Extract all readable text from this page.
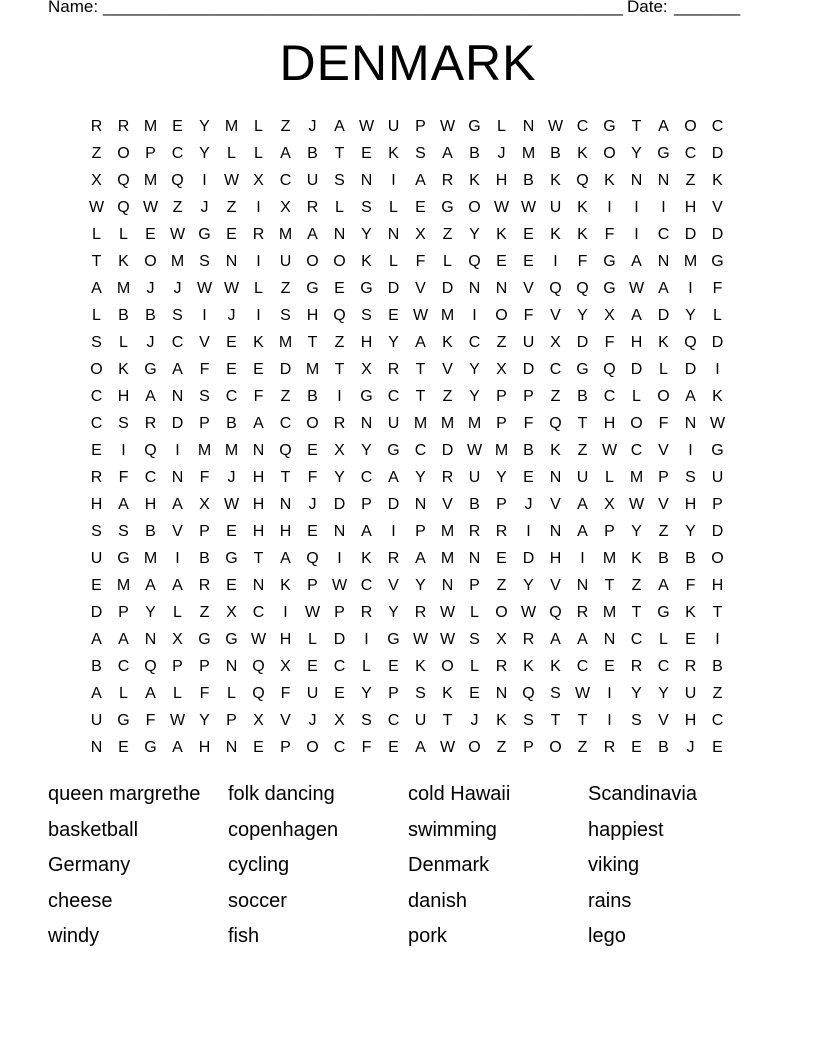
Name:

_______________________________________________________

Date:

_______

DENMARK
R R M E	Y M L	Z	J	A W U P W G	L	N W C G T	A O C
Z O P C Y	L	L	A	B	T	E	K	S	A	B	J	M B	K O Y G C D
X Q M Q	I	W X C U S N	I	A R K H B	K Q K N N	Z	K
W Q W Z	J	Z	I	X R	L	S	L	E G O W W U K	I	I	I	H V
L	L	E W G E R M A N Y N X	Z	Y	K	E	K	K	F	I	C D D
T	K O M S N	I	U O O K	L	F	L	Q E	E	I	F G A N M G
A M	J	J W W L	Z G E G D V D N N V Q Q G W A	I	F
L	B	B	S	I	J	I	S H Q S	E W M	I	O F	V	Y	X	A D Y	L
S	L	J	C V	E	K M T	Z	H Y	A	K C	Z	U X D	F	H K Q D
O K G A	F	E	E D M T	X R	T	V	Y	X D C G Q D	L	D	I
C H A N S C	F	Z	B	I	G C	T	Z	Y	P	P	Z	B C	L	O A	K
C S R D P	B	A C O R N U M M M P	F Q T	H O F	N W
E	I	Q	I	M M N Q E	X	Y G C D W M B	K	Z W C V	I	G
R	F	C N	F	J	H	T	F	Y C A	Y R U Y	E N U	L M P	S U
H A H A	X W H N	J	D P D N V	B	P	J	V	A	X W V H P
S	S	B	V	P	E H H E N A	I	P M R R	I	N A	P	Y	Z	Y D
U G M	I	B G T	A Q	I	K R A M N E D H	I	M K	B	B O
E M A	A R E N K	P W C V	Y N P	Z	Y	V N	T	Z	A	F	H
D P	Y	L	Z	X C	I	W P R Y R W L	O W Q R M T G K	T
A	A N X G G W H	L	D	I	G W W S	X R A	A N C	L	E	I
B C Q P	P N Q X	E C	L	E	K O	L	R K	K C E R C R B
A	L	A	L	F	L	Q F	U E	Y	P	S	K	E N Q S W	I	Y	Y U	Z
U G F W Y	P	X	V	J	X	S C U	T	J	K	S	T	T	I	S	V H C
N E G A H N E	P O C	F	E	A W O Z	P O Z	R E	B	J	E
queen margrethe	folk dancing	cold Hawaii	Scandinavia
basketball	copenhagen	swimming	happiest
Germany	cycling	Denmark	viking
cheese	soccer	danish	rains
windy	fish	pork	lego
